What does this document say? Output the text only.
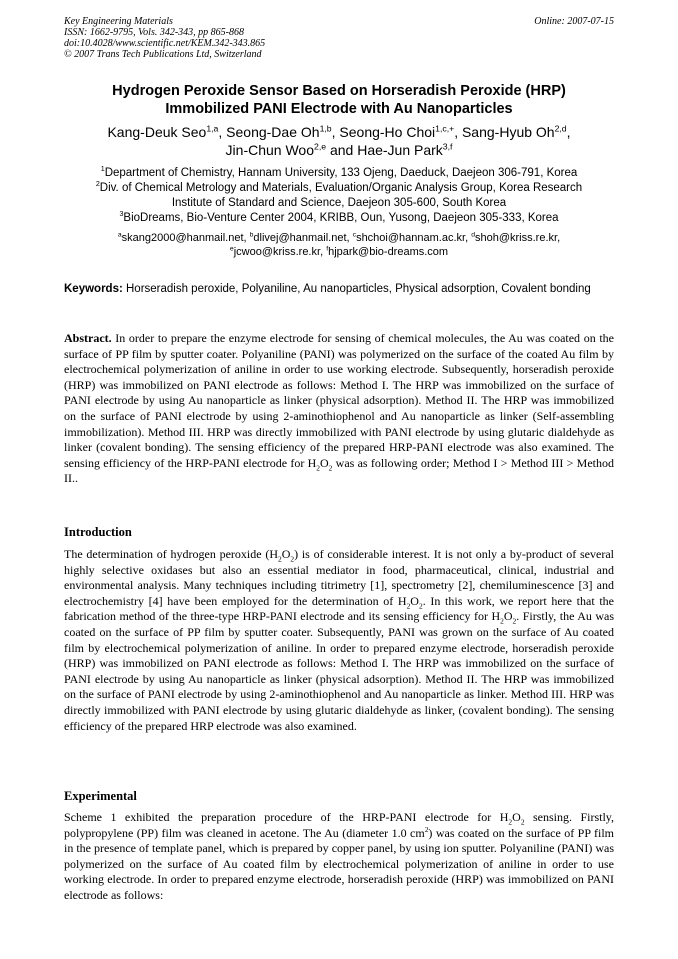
Key Engineering Materials
ISSN: 1662-9795, Vols. 342-343, pp 865-868
doi:10.4028/www.scientific.net/KEM.342-343.865
© 2007 Trans Tech Publications Ltd, Switzerland
Online: 2007-07-15
Hydrogen Peroxide Sensor Based on Horseradish Peroxide (HRP)
Immobilized PANI Electrode with Au Nanoparticles
Kang-Deuk Seo$^{1,a}$, Seong-Dae Oh$^{1,b}$, Seong-Ho Choi$^{1,c,+}$, Sang-Hyub Oh$^{2,d}$,
Jin-Chun Woo$^{2,e}$ and Hae-Jun Park$^{3,f}$
$^1$Department of Chemistry, Hannam University, 133 Ojeng, Daeduck, Daejeon 306-791, Korea
$^2$Div. of Chemical Metrology and Materials, Evaluation/Organic Analysis Group, Korea Research
Institute of Standard and Science, Daejeon 305-600, South Korea
$^3$BioDreams, Bio-Venture Center 2004, KRIBB, Oun, Yusong, Daejeon 305-333, Korea
$^a$skang2000@hanmail.net, $^b$dlivej@hanmail.net, $^c$shchoi@hannam.ac.kr, $^d$shoh@kriss.re.kr,
$^e$jcwoo@kriss.re.kr, $^f$hjpark@bio-dreams.com
Keywords: Horseradish peroxide, Polyaniline, Au nanoparticles, Physical adsorption, Covalent bonding

Abstract. In order to prepare the enzyme electrode for sensing of chemical molecules, the Au was coated on the surface of PP film by sputter coater. Polyaniline (PANI) was polymerized on the surface of the coated Au film by electrochemical polymerization of aniline in order to use working electrode. Subsequently, horseradish peroxide (HRP) was immobilized on PANI electrode as follows: Method I. The HRP was immobilized on the surface of PANI electrode by using Au nanoparticle as linker (physical adsorption). Method II. The HRP was immobilized on the surface of PANI electrode by using 2-aminothiophenol and Au nanoparticle as linker (Self-assembling immobilization). Method III. HRP was directly immobilized with PANI electrode by using glutaric dialdehyde as linker (covalent bonding). The sensing efficiency of the prepared HRP-PANI electrode was also examined. The sensing efficiency of the HRP-PANI electrode for $H_2O_2$ was as following order; Method I > Method III > Method II..

Introduction

The determination of hydrogen peroxide $(H_2O_2)$ is of considerable interest. It is not only a by-product of several highly selective oxidases but also an essential mediator in food, pharmaceutical, clinical, industrial and environmental analysis. Many techniques including titrimetry [1], spectrometry [2], chemiluminescence [3] and electrochemistry [4] have been employed for the determination of $H_2O_2$. In this work, we report here that the fabrication method of the three-type HRP-PANI electrode and its sensing efficiency for $H_2O_2$. Firstly, the Au was coated on the surface of PP film by sputter coater. Subsequently, PANI was grown on the surface of Au coated film by electrochemical polymerization of aniline. In order to prepared enzyme electrode, horseradish peroxide (HRP) was immobilized on PANI electrode as follows: Method I. The HRP was immobilized on the surface of PANI electrode by using Au nanoparticle as linker (physical adsorption). Method II. The HRP was immobilized on the surface of PANI electrode by using 2-aminothiophenol and Au nanoparticle as linker. Method III. HRP was directly immobilized with PANI electrode by using glutaric dialdehyde as linker, (covalent bonding). The sensing efficiency of the prepared HRP electrode was also examined.

Experimental

Scheme 1 exhibited the preparation procedure of the HRP-PANI electrode for $H_2O_2$ sensing. Firstly, polypropylene (PP) film was cleaned in acetone. The Au (diameter 1.0 $cm^2$) was coated on the surface of PP film in the presence of template panel, which is prepared by copper panel, by using ion sputter. Polyaniline (PANI) was polymerized on the surface of Au coated film by electrochemical polymerization of aniline in order to use working electrode. In order to prepared enzyme electrode, horseradish peroxide (HRP) was immobilized on PANI electrode as follows:
